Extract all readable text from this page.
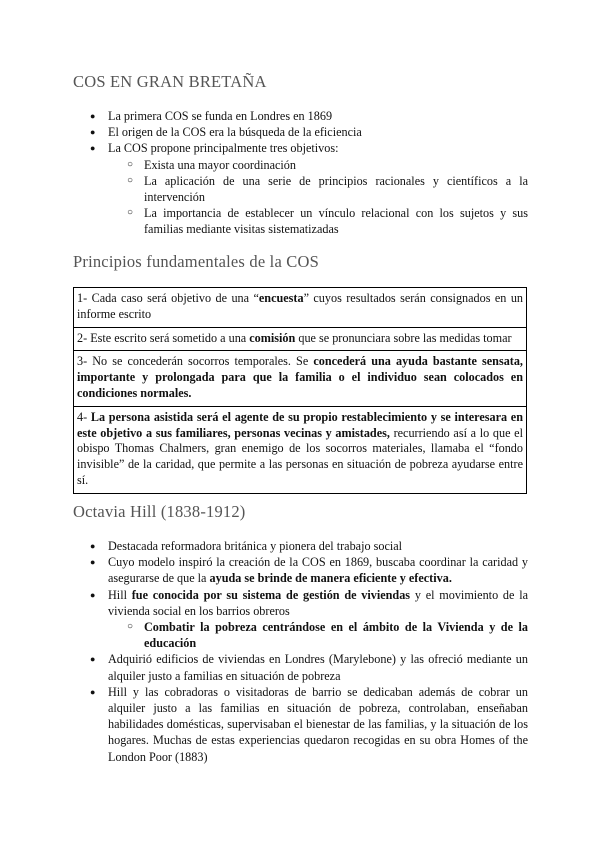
COS EN GRAN BRETAÑA
● La primera COS se funda en Londres en 1869
● El origen de la COS era la búsqueda de la eficiencia
● La COS propone principalmente tres objetivos:
○ Exista una mayor coordinación
○ La aplicación de una serie de principios racionales y científicos a la intervención
○ La importancia de establecer un vínculo relacional con los sujetos y sus familias mediante visitas sistematizadas
Principios fundamentales de la COS
1- Cada caso será objetivo de una “encuesta” cuyos resultados serán consignados en un informe escrito
2- Este escrito será sometido a una comisión que se pronunciara sobre las medidas tomar
3- No se concederán socorros temporales. Se concederá una ayuda bastante sensata, importante y prolongada para que la familia o el individuo sean colocados en condiciones normales.
4- La persona asistida será el agente de su propio restablecimiento y se interesara en este objetivo a sus familiares, personas vecinas y amistades, recurriendo así a lo que el obispo Thomas Chalmers, gran enemigo de los socorros materiales, llamaba el “fondo invisible” de la caridad, que permite a las personas en situación de pobreza ayudarse entre sí.
Octavia Hill (1838-1912)
● Destacada reformadora británica y pionera del trabajo social
● Cuyo modelo inspiró la creación de la COS en 1869, buscaba coordinar la caridad y asegurarse de que la ayuda se brinde de manera eficiente y efectiva.
● Hill fue conocida por su sistema de gestión de viviendas y el movimiento de la vivienda social en los barrios obreros
○ Combatir la pobreza centrándose en el ámbito de la Vivienda y de la educación
● Adquirió edificios de viviendas en Londres (Marylebone) y las ofreció mediante un alquiler justo a familias en situación de pobreza
● Hill y las cobradoras o visitadoras de barrio se dedicaban además de cobrar un alquiler justo a las familias en situación de pobreza, controlaban, enseñaban habilidades domésticas, supervisaban el bienestar de las familias, y la situación de los hogares. Muchas de estas experiencias quedaron recogidas en su obra Homes of the London Poor (1883)
